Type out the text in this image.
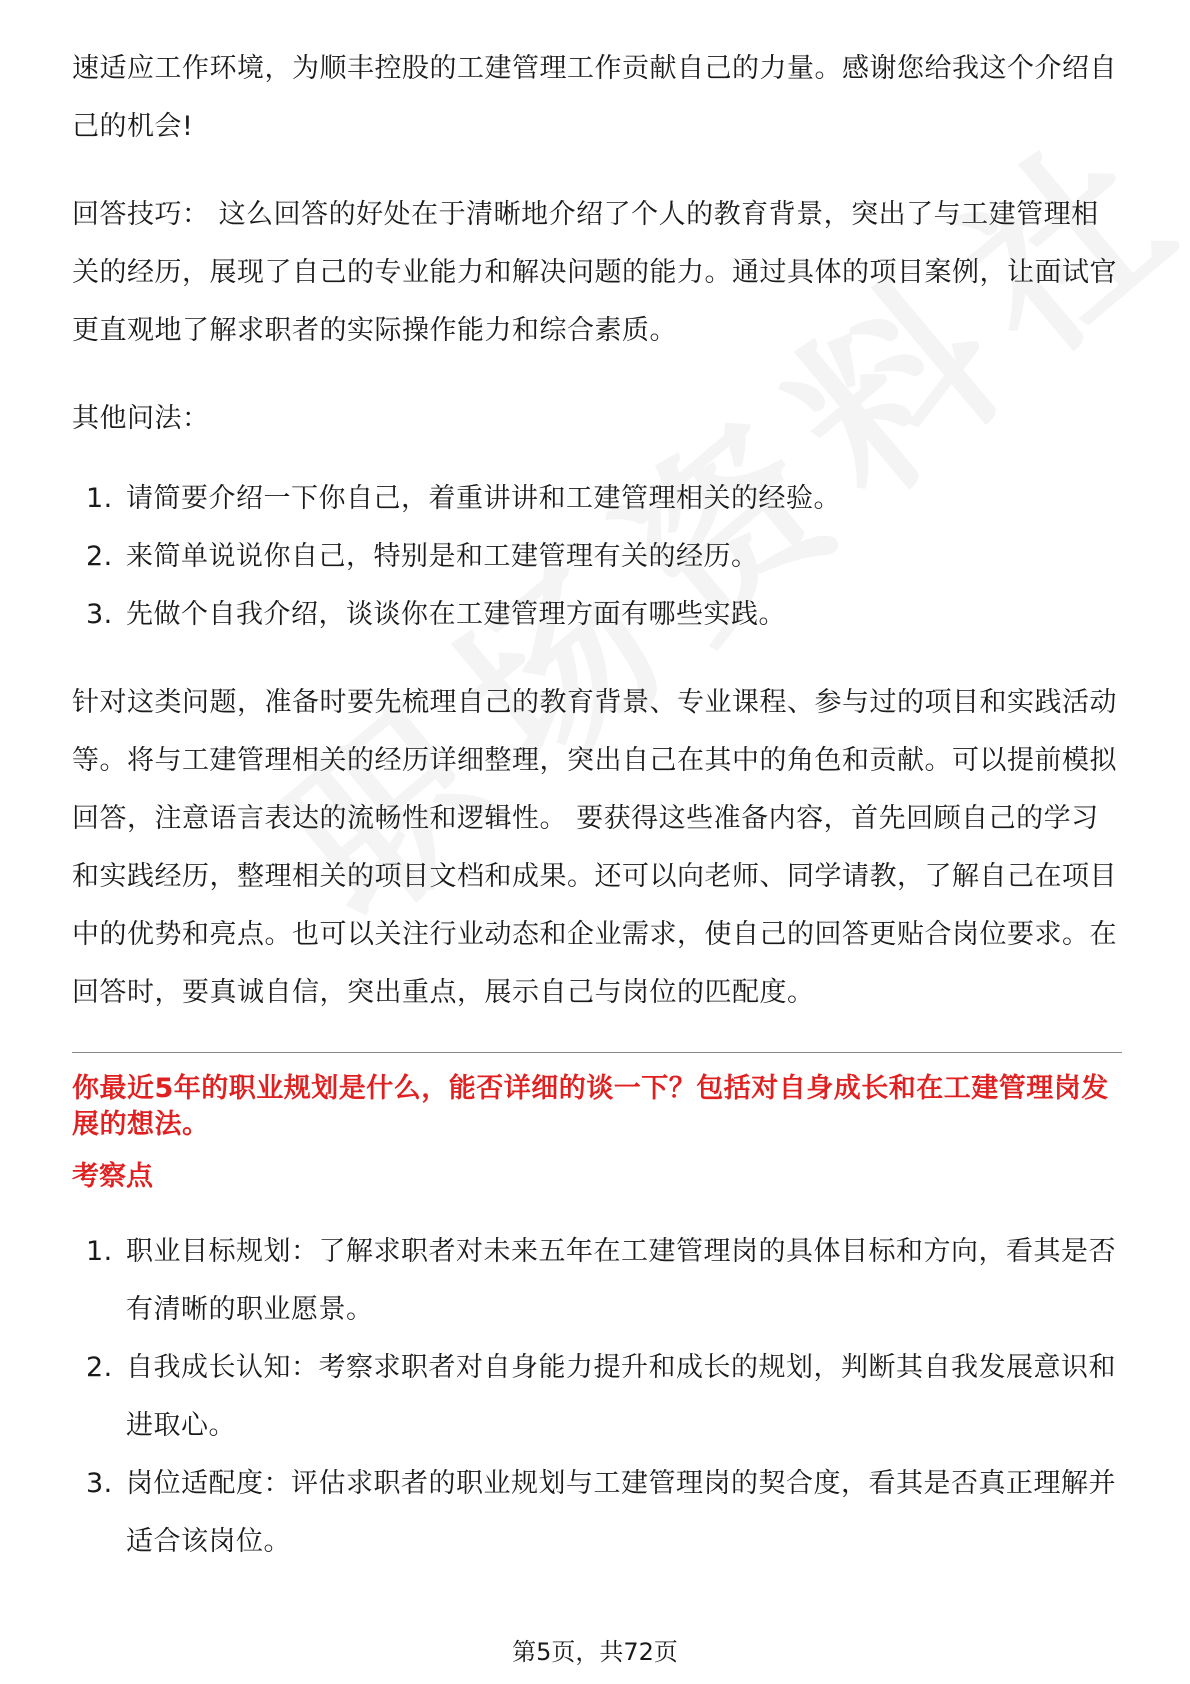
速适应工作环境，为顺丰控股的工建管理工作贡献自己的力量。感谢您给我这个介绍自己的机会!

回答技巧： 这么回答的好处在于清晰地介绍了个人的教育背景，突出了与工建管理相关的经历，展现了自己的专业能力和解决问题的能力。通过具体的项目案例，让面试官更直观地了解求职者的实际操作能力和综合素质。

其他问法：

1. 请简要介绍一下你自己，着重讲讲和工建管理相关的经验。
2. 来简单说说你自己，特别是和工建管理有关的经历。
3. 先做个自我介绍，谈谈你在工建管理方面有哪些实践。

针对这类问题，准备时要先梳理自己的教育背景、专业课程、参与过的项目和实践活动等。将与工建管理相关的经历详细整理，突出自己在其中的角色和贡献。可以提前模拟回答，注意语言表达的流畅性和逻辑性。 要获得这些准备内容，首先回顾自己的学习和实践经历，整理相关的项目文档和成果。还可以向老师、同学请教，了解自己在项目中的优势和亮点。也可以关注行业动态和企业需求，使自己的回答更贴合岗位要求。在回答时，要真诚自信，突出重点，展示自己与岗位的匹配度。

你最近5年的职业规划是什么，能否详细的谈一下？包括对自身成长和在工建管理岗发展的想法。

考察点

1. 职业目标规划：了解求职者对未来五年在工建管理岗的具体目标和方向，看其是否有清晰的职业愿景。
2. 自我成长认知：考察求职者对自身能力提升和成长的规划，判断其自我发展意识和进取心。
3. 岗位适配度：评估求职者的职业规划与工建管理岗的契合度，看其是否真正理解并适合该岗位。
第5页，共72页
